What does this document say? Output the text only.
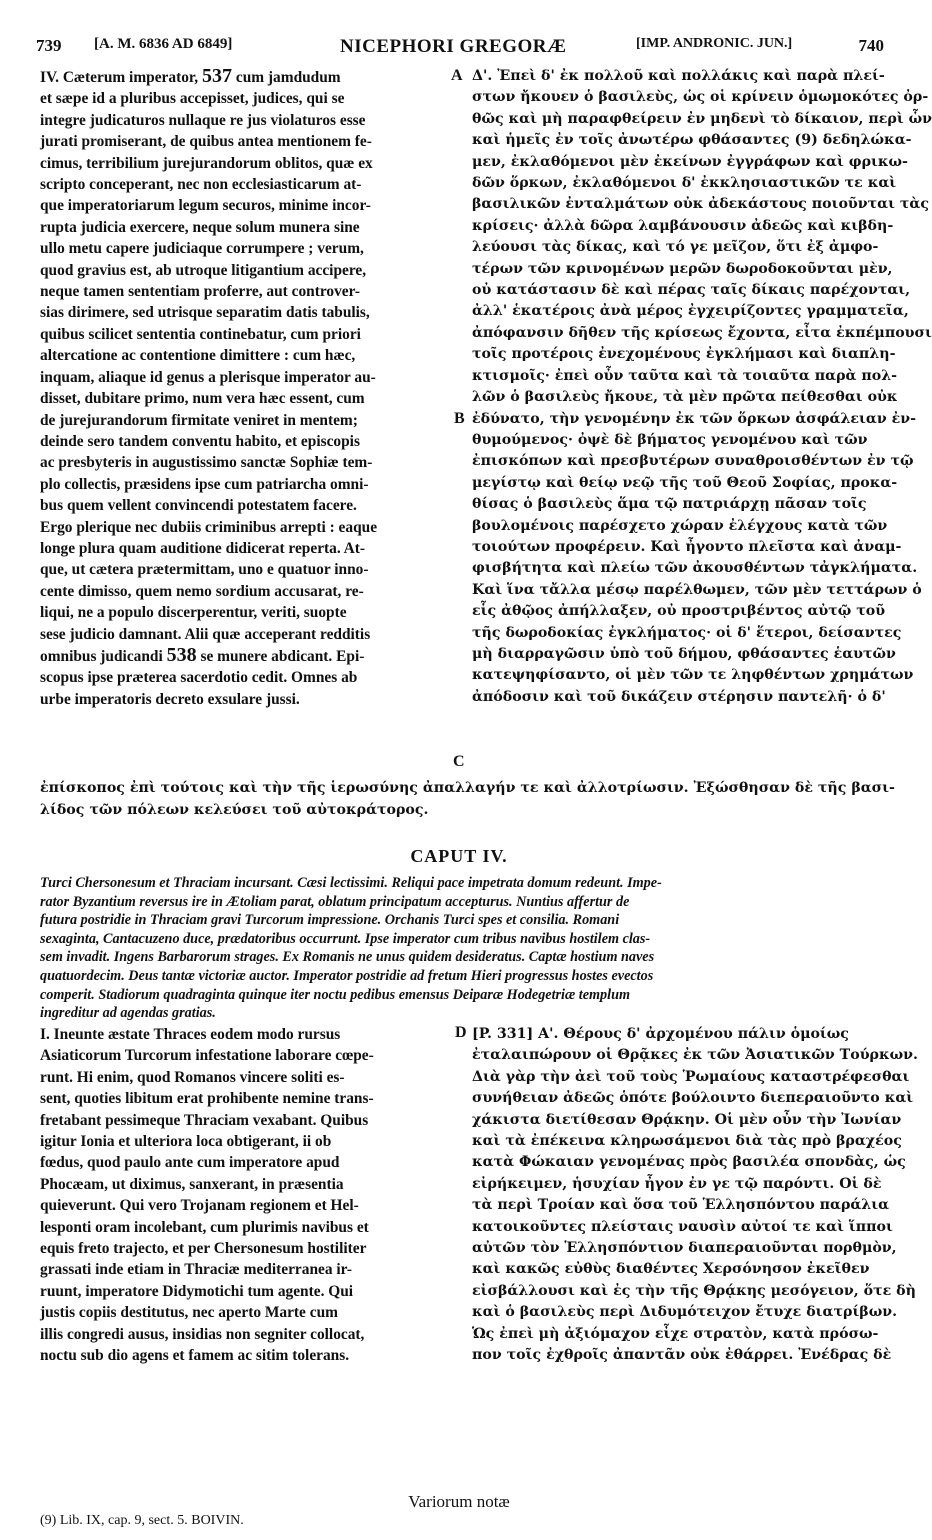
739 [A. M. 6836 AD 6849]	NICEPHORI GREGORÆ	[IMP. ANDRONIC. JUN.]	740
IV. Cæterum imperator, 537 cum jamdudum
et sæpe id a pluribus accepisset, judices, qui se
integre judicaturos nullaque re jus violaturos esse
jurati promiserant, de quibus antea mentionem fe-
cimus, terribilium jurejurandorum oblitos, quæ ex
scripto conceperant, nec non ecclesiasticarum at-
que imperatoriarum legum securos, minime incor-
rupta judicia exercere, neque solum munera sine
ullo metu capere judiciaque corrumpere ; verum,
quod gravius est, ab utroque litigantium accipere,
neque tamen sententiam proferre, aut controver-
sias dirimere, sed utrisque separatim datis tabulis,
quibus scilicet sententia continebatur, cum priori
altercatione ac contentione dimittere : cum hæc,
inquam, aliaque id genus a plerisque imperator au-
disset, dubitare primo, num vera hæc essent, cum
de jurejurandorum firmitate veniret in mentem;
deinde sero tandem conventu habito, et episcopis
ac presbyteris in augustissimo sanctæ Sophiæ tem-
plo collectis, præsidens ipse cum patriarcha omni-
bus quem vellent convincendi potestatem facere.
Ergo plerique nec dubiis criminibus arrepti : eaque
longe plura quam auditione didicerat reperta. At-
que, ut cætera prætermittam, uno e quatuor inno-
cente dimisso, quem nemo sordium accusarat, re-
liqui, ne a populo discerperentur, veriti, suopte
sese judicio damnant. Alii quæ acceperant redditis
omnibus judicandi 538 se munere abdicant. Epi-
scopus ipse præterea sacerdotio cedit. Omnes ab
urbe imperatoris decreto exsulare jussi.
Δ'. Ἐπεὶ δ' ἐκ πολλοῦ καὶ πολλάκις καὶ παρὰ πλεί-
στων ἤκουεν ὁ βασιλεὺς, ὡς οἱ κρίνειν ὁμωμοκότες ὀρ-
θῶς καὶ μὴ παραφθείρειν ἐν μηδενὶ τὸ δίκαιον, περὶ ὧν
καὶ ἡμεῖς ἐν τοῖς ἀνωτέρω φθάσαντες (9) δεδηλώκα-
μεν, ἐκλαθόμενοι μὲν ἐκείνων ἐγγράφων καὶ φρικω-
δῶν ὅρκων, ἐκλαθόμενοι δ' ἐκκλησιαστικῶν τε καὶ
βασιλικῶν ἐνταλμάτων οὐκ ἀδεκάστους ποιοῦνται τὰς
κρίσεις· ἀλλὰ δῶρα λαμβάνουσιν ἀδεῶς καὶ κιβδη-
λεύουσι τὰς δίκας, καὶ τό γε μεῖζον, ὅτι ἐξ ἀμφο-
τέρων τῶν κρινομένων μερῶν δωροδοκοῦνται μὲν,
οὐ κατάστασιν δὲ καὶ πέρας ταῖς δίκαις παρέχονται,
ἀλλ' ἑκατέροις ἀνὰ μέρος ἐγχειρίζοντες γραμματεῖα,
ἀπόφανσιν δῆθεν τῆς κρίσεως ἔχοντα, εἶτα ἐκπέμπουσι
τοῖς προτέροις ἐνεχομένους ἐγκλήμασι καὶ διαπλη-
κτισμοῖς· ἐπεὶ οὖν ταῦτα καὶ τὰ τοιαῦτα παρὰ πολ-
λῶν ὁ βασιλεὺς ἤκουε, τὰ μὲν πρῶτα πείθεσθαι οὐκ
ἐδύνατο, τὴν γενομένην ἐκ τῶν ὅρκων ἀσφάλειαν ἐν-
θυμούμενος· ὀψὲ δὲ βήματος γενομένου καὶ τῶν
ἐπισκόπων καὶ πρεσβυτέρων συναθροισθέντων ἐν τῷ
μεγίστῳ καὶ θείῳ νεῷ τῆς τοῦ Θεοῦ Σοφίας, προκα-
θίσας ὁ βασιλεὺς ἅμα τῷ πατριάρχῃ πᾶσαν τοῖς
βουλομένοις παρέσχετο χώραν ἐλέγχους κατὰ τῶν
τοιούτων προφέρειν. Καὶ ἦγοντο πλεῖστα καὶ ἀναμ-
φισβήτητα καὶ πλείω τῶν ἀκουσθέντων τἀγκλήματα.
Καὶ ἵνα τἄλλα μέσῳ παρέλθωμεν, τῶν μὲν τεττάρων ὁ
εἷς ἀθῷος ἀπήλλαξεν, οὐ προστριβέντος αὐτῷ τοῦ
τῆς δωροδοκίας ἐγκλήματος· οἱ δ' ἕτεροι, δείσαντες
μὴ διαρραγῶσιν ὑπὸ τοῦ δήμου, φθάσαντες ἑαυτῶν
κατεψηφίσαντο, οἱ μὲν τῶν τε ληφθέντων χρημάτων
ἀπόδοσιν καὶ τοῦ δικάζειν στέρησιν παντελῆ· ὁ δ'
A
B
C
D
ἐπίσκοπος ἐπὶ τούτοις καὶ τὴν τῆς ἱερωσύνης ἀπαλλαγήν τε καὶ ἀλλοτρίωσιν. Ἐξώσθησαν δὲ τῆς βασι-
λίδος τῶν πόλεων κελεύσει τοῦ αὐτοκράτορος.
CAPUT IV.
Turci Chersonesum et Thraciam incursant. Cæsi lectissimi. Reliqui pace impetrata domum redeunt. Impe-
rator Byzantium reversus ire in Ætoliam parat, oblatum principatum accepturus. Nuntius affertur de
futura postridie in Thraciam gravi Turcorum impressione. Orchanis Turci spes et consilia. Romani
sexaginta, Cantacuzeno duce, prædatoribus occurrunt. Ipse imperator cum tribus navibus hostilem clas-
sem invadit. Ingens Barbarorum strages. Ex Romanis ne unus quidem desideratus. Captæ hostium naves
quatuordecim. Deus tantæ victoriæ auctor. Imperator postridie ad fretum Hieri progressus hostes evectos
comperit. Stadiorum quadraginta quinque iter noctu pedibus emensus Deiparæ Hodegetriæ templum
ingreditur ad agendas gratias.
I. Ineunte æstate Thraces eodem modo rursus
Asiaticorum Turcorum infestatione laborare cœpe-
runt. Hi enim, quod Romanos vincere soliti es-
sent, quoties libitum erat prohibente nemine trans-
fretabant pessimeque Thraciam vexabant. Quibus
igitur Ionia et ulteriora loca obtigerant, ii ob
fœdus, quod paulo ante cum imperatore apud
Phocæam, ut diximus, sanxerant, in præsentia
quieverunt. Qui vero Trojanam regionem et Hel-
lesponti oram incolebant, cum plurimis navibus et
equis freto trajecto, et per Chersonesum hostiliter
grassati inde etiam in Thraciæ mediterranea ir-
ruunt, imperatore Didymotichi tum agente. Qui
justis copiis destitutus, nec aperto Marte cum
illis congredi ausus, insidias non segniter collocat,
noctu sub dio agens et famem ac sitim tolerans.
[P. 331] Α'. Θέρους δ' ἀρχομένου πάλιν ὁμοίως
ἐταλαιπώρουν οἱ Θρᾷκες ἐκ τῶν Ἀσιατικῶν Τούρκων.
Διὰ γὰρ τὴν ἀεὶ τοῦ τοὺς Ῥωμαίους καταστρέφεσθαι
συνήθειαν ἀδεῶς ὁπότε βούλοιντο διεπεραιοῦντο καὶ
χάκιστα διετίθεσαν Θρᾴκην. Οἱ μὲν οὖν τὴν Ἰωνίαν
καὶ τὰ ἐπέκεινα κληρωσάμενοι διὰ τὰς πρὸ βραχέος
κατὰ Φώκαιαν γενομένας πρὸς βασιλέα σπονδὰς, ὡς
εἰρήκειμεν, ἡσυχίαν ἦγον ἐν γε τῷ παρόντι. Οἱ δὲ
τὰ περὶ Τροίαν καὶ ὅσα τοῦ Ἑλλησπόντου παράλια
κατοικοῦντες πλείσταις ναυσὶν αὐτοί τε καὶ ἵπποι
αὐτῶν τὸν Ἑλλησπόντιον διαπεραιοῦνται πορθμὸν,
καὶ κακῶς εὐθὺς διαθέντες Χερσόνησον ἐκεῖθεν
εἰσβάλλουσι καὶ ἐς τὴν τῆς Θρᾴκης μεσόγειον, ὅτε δὴ
καὶ ὁ βασιλεὺς περὶ Διδυμότειχον ἔτυχε διατρίβων.
Ὡς ἐπεὶ μὴ ἀξιόμαχον εἶχε στρατὸν, κατὰ πρόσω-
πον τοῖς ἐχθροῖς ἀπαντᾶν οὐκ ἐθάρρει. Ἐνέδρας δὲ
Variorum notæ
(9) Lib. IX, cap. 9, sect. 5. BOIVIN.
